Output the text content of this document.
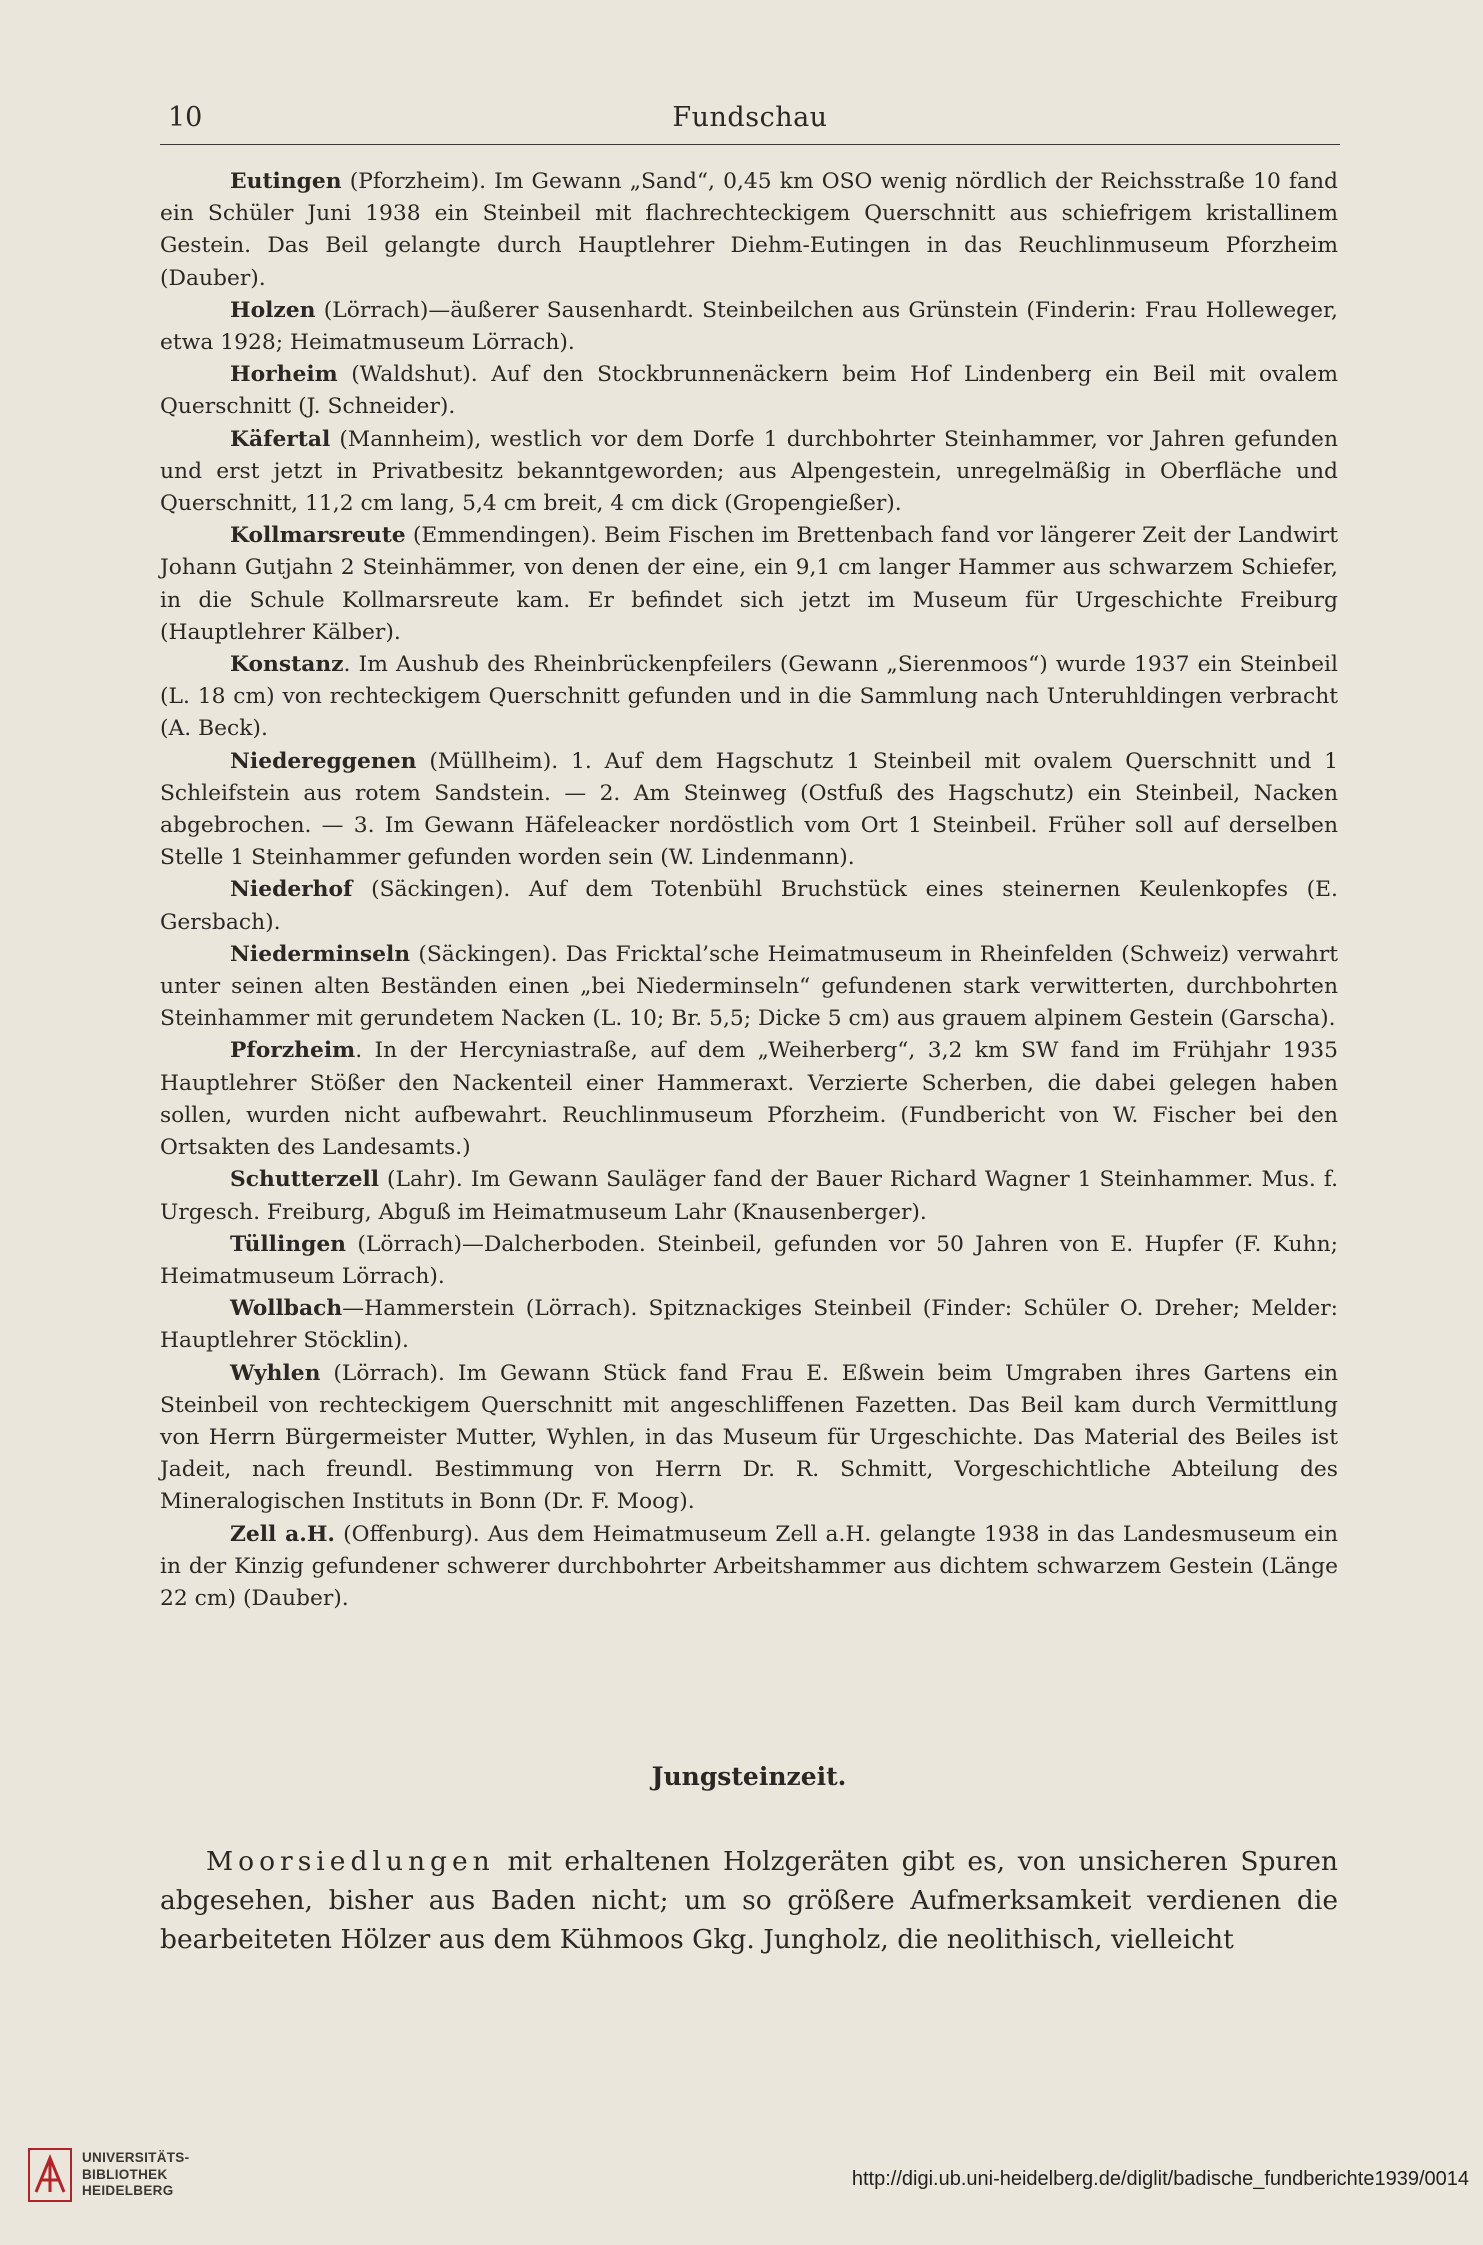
10	Fundschau

Eutingen (Pforzheim). Im Gewann „Sand“, 0,45 km OSO wenig nördlich der Reichsstraße 10 fand ein Schüler Juni 1938 ein Steinbeil mit flachrechteckigem Querschnitt aus schiefrigem kristallinem Gestein. Das Beil gelangte durch Hauptlehrer Diehm-Eutingen in das Reuchlinmuseum Pforzheim (Dauber).

Holzen (Lörrach)—äußerer Sausenhardt. Steinbeilchen aus Grünstein (Finderin: Frau Hollewеger, etwa 1928; Heimatmuseum Lörrach).

Horheim (Waldshut). Auf den Stockbrunnenäckern beim Hof Lindenberg ein Beil mit ovalem Querschnitt (J. Schneider).

Käfertal (Mannheim), westlich vor dem Dorfe 1 durchbohrter Steinhammer, vor Jahren gefunden und erst jetzt in Privatbesitz bekanntgeworden; aus Alpengestein, unregelmäßig in Oberfläche und Querschnitt, 11,2 cm lang, 5,4 cm breit, 4 cm dick (Gropengießer).

Kollmarsreute (Emmendingen). Beim Fischen im Brettenbach fand vor längerer Zeit der Landwirt Johann Gutjahn 2 Steinhämmer, von denen der eine, ein 9,1 cm langer Hammer aus schwarzem Schiefer, in die Schule Kollmarsreute kam. Er befindet sich jetzt im Museum für Urgeschichte Freiburg (Hauptlehrer Kälber).

Konstanz. Im Aushub des Rheinbrückenpfeilers (Gewann „Sierenmoos“) wurde 1937 ein Steinbeil (L. 18 cm) von rechteckigem Querschnitt gefunden und in die Sammlung nach Unteruhldingen verbracht (A. Beck).

Niedereggenen (Müllheim). 1. Auf dem Hagschutz 1 Steinbeil mit ovalem Querschnitt und 1 Schleifstein aus rotem Sandstein. — 2. Am Steinweg (Ostfuß des Hagschutz) ein Steinbeil, Nacken abgebrochen. — 3. Im Gewann Häfeleacker nordöstlich vom Ort 1 Steinbeil. Früher soll auf derselben Stelle 1 Steinhammer gefunden worden sein (W. Lindenmann).

Niederhof (Säckingen). Auf dem Totenbühl Bruchstück eines steinernen Keulenkopfes (E. Gersbach).

Niederminseln (Säckingen). Das Fricktal’sche Heimatmuseum in Rheinfelden (Schweiz) verwahrt unter seinen alten Beständen einen „bei Niederminseln“ gefundenen stark verwitterten, durchbohrten Steinhammer mit gerundetem Nacken (L. 10; Br. 5,5; Dicke 5 cm) aus grauem alpinem Gestein (Garscha).

Pforzheim. In der Hercyniastraße, auf dem „Weiherberg“, 3,2 km SW fand im Frühjahr 1935 Hauptlehrer Stößer den Nackenteil einer Hammeraxt. Verzierte Scherben, die dabei gelegen haben sollen, wurden nicht aufbewahrt. Reuchlinmuseum Pforzheim. (Fundbericht von W. Fischer bei den Ortsakten des Landesamts.)

Schutterzell (Lahr). Im Gewann Sauläger fand der Bauer Richard Wagner 1 Steinhammer. Mus. f. Urgesch. Freiburg, Abguß im Heimatmuseum Lahr (Knausenberger).

Tüllingen (Lörrach)—Dalcherboden. Steinbeil, gefunden vor 50 Jahren von E. Hupfer (F. Kuhn; Heimatmuseum Lörrach).

Wollbach—Hammerstein (Lörrach). Spitznackiges Steinbeil (Finder: Schüler O. Dreher; Melder: Hauptlehrer Stöcklin).

Wyhlen (Lörrach). Im Gewann Stück fand Frau E. Eßwein beim Umgraben ihres Gartens ein Steinbeil von rechteckigem Querschnitt mit angeschliffenen Fazetten. Das Beil kam durch Vermittlung von Herrn Bürgermeister Mutter, Wyhlen, in das Museum für Urgeschichte. Das Material des Beiles ist Jadeit, nach freundl. Bestimmung von Herrn Dr. R. Schmitt, Vorgeschichtliche Abteilung des Mineralogischen Instituts in Bonn (Dr. F. Moog).

Zell a.H. (Offenburg). Aus dem Heimatmuseum Zell a.H. gelangte 1938 in das Landesmuseum ein in der Kinzig gefundener schwerer durchbohrter Arbeitshammer aus dichtem schwarzem Gestein (Länge 22 cm) (Dauber).

Jungsteinzeit.

Moorsiedlungen mit erhaltenen Holzgeräten gibt es, von unsicheren Spuren abgesehen, bisher aus Baden nicht; um so größere Aufmerksamkeit verdienen die bearbeiteten Hölzer aus dem Kühmoos Gkg. Jungholz, die neolithisch, vielleicht

UNIVERSITÄTS-
BIBLIOTHEK
HEIDELBERG
http://digi.ub.uni-heidelberg.de/diglit/badische_fundberichte1939/0014
